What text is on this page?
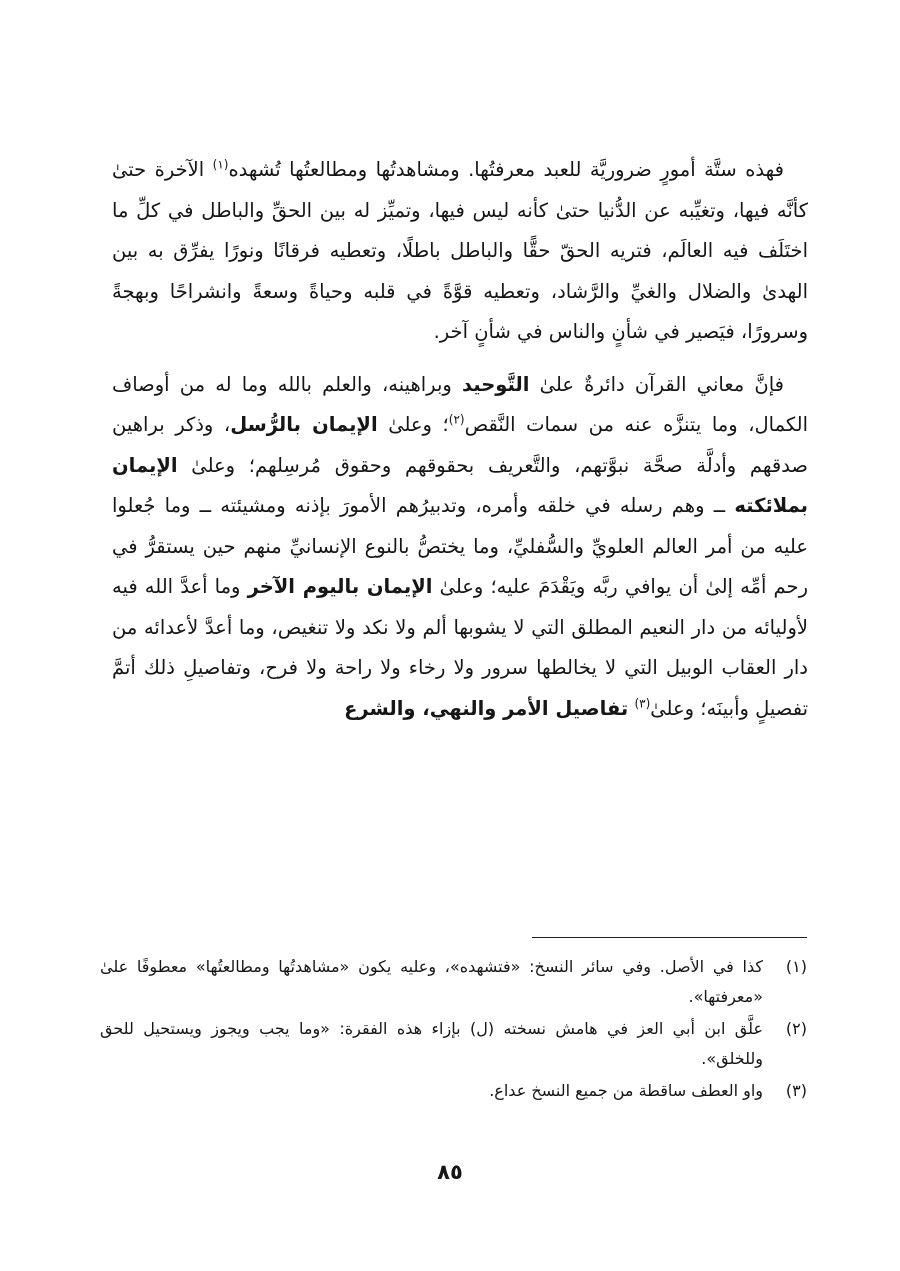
فهذه ستَّة أمورٍ ضروريَّة للعبد معرفتُها. ومشاهدتُها ومطالعتُها تُشهده$^{(١)}$ الآخرة حتىٰ كأنَّه فيها، وتغيِّبه عن الدُّنيا حتىٰ كأنه ليس فيها، وتميِّز له بين الحقِّ والباطل في كلِّ ما اختَلَف فيه العالَم، فتريه الحقّ حقًّا والباطل باطلًا، وتعطيه فرقانًا ونورًا يفرِّق به بين الهدىٰ والضلال والغيِّ والرَّشاد، وتعطيه قوَّةً في قلبه وحياةً وسعةً وانشراحًا وبهجةً وسرورًا، فيَصير في شأنٍ والناس في شأنٍ آخر.

فإنَّ معاني القرآن دائرةٌ علىٰ التَّوحيد وبراهينه، والعلم بالله وما له من أوصاف الكمال، وما يتنزَّه عنه من سمات النَّقص$^{(٢)}$؛ وعلىٰ الإيمان بالرُّسل، وذكر براهين صدقهم وأدلَّة صحَّة نبوَّتهم، والتَّعريف بحقوقهم وحقوق مُرسِلهم؛ وعلىٰ الإيمان بملائكته ــ وهم رسله في خلقه وأمره، وتدبيرُهم الأمورَ بإذنه ومشيئته ــ وما جُعلوا عليه من أمر العالم العلويِّ والسُّفليِّ، وما يختصُّ بالنوع الإنسانيِّ منهم حين يستقرُّ في رحم أمِّه إلىٰ أن يوافي ربَّه ويَقْدَمَ عليه؛ وعلىٰ الإيمان باليوم الآخر وما أعدَّ الله فيه لأوليائه من دار النعيم المطلق التي لا يشوبها ألم ولا نكد ولا تنغيص، وما أعدَّ لأعدائه من دار العقاب الوبيل التي لا يخالطها سرور ولا رخاء ولا راحة ولا فرح، وتفاصيلِ ذلك أتمَّ تفصيلٍ وأبينَه؛ وعلىٰ$^{(٣)}$ تفاصيل الأمر والنهي، والشرع

(١)
كذا في الأصل. وفي سائر النسخ: «فتشهده»، وعليه يكون «مشاهدتُها ومطالعتُها» معطوفًا علىٰ «معرفتها».
(٢)
علَّق ابن أبي العز في هامش نسخته (ل) بإزاء هذه الفقرة: «وما يجب ويجوز ويستحيل للحق وللخلق».
(٣)
واو العطف ساقطة من جميع النسخ عداع.
٨٥
